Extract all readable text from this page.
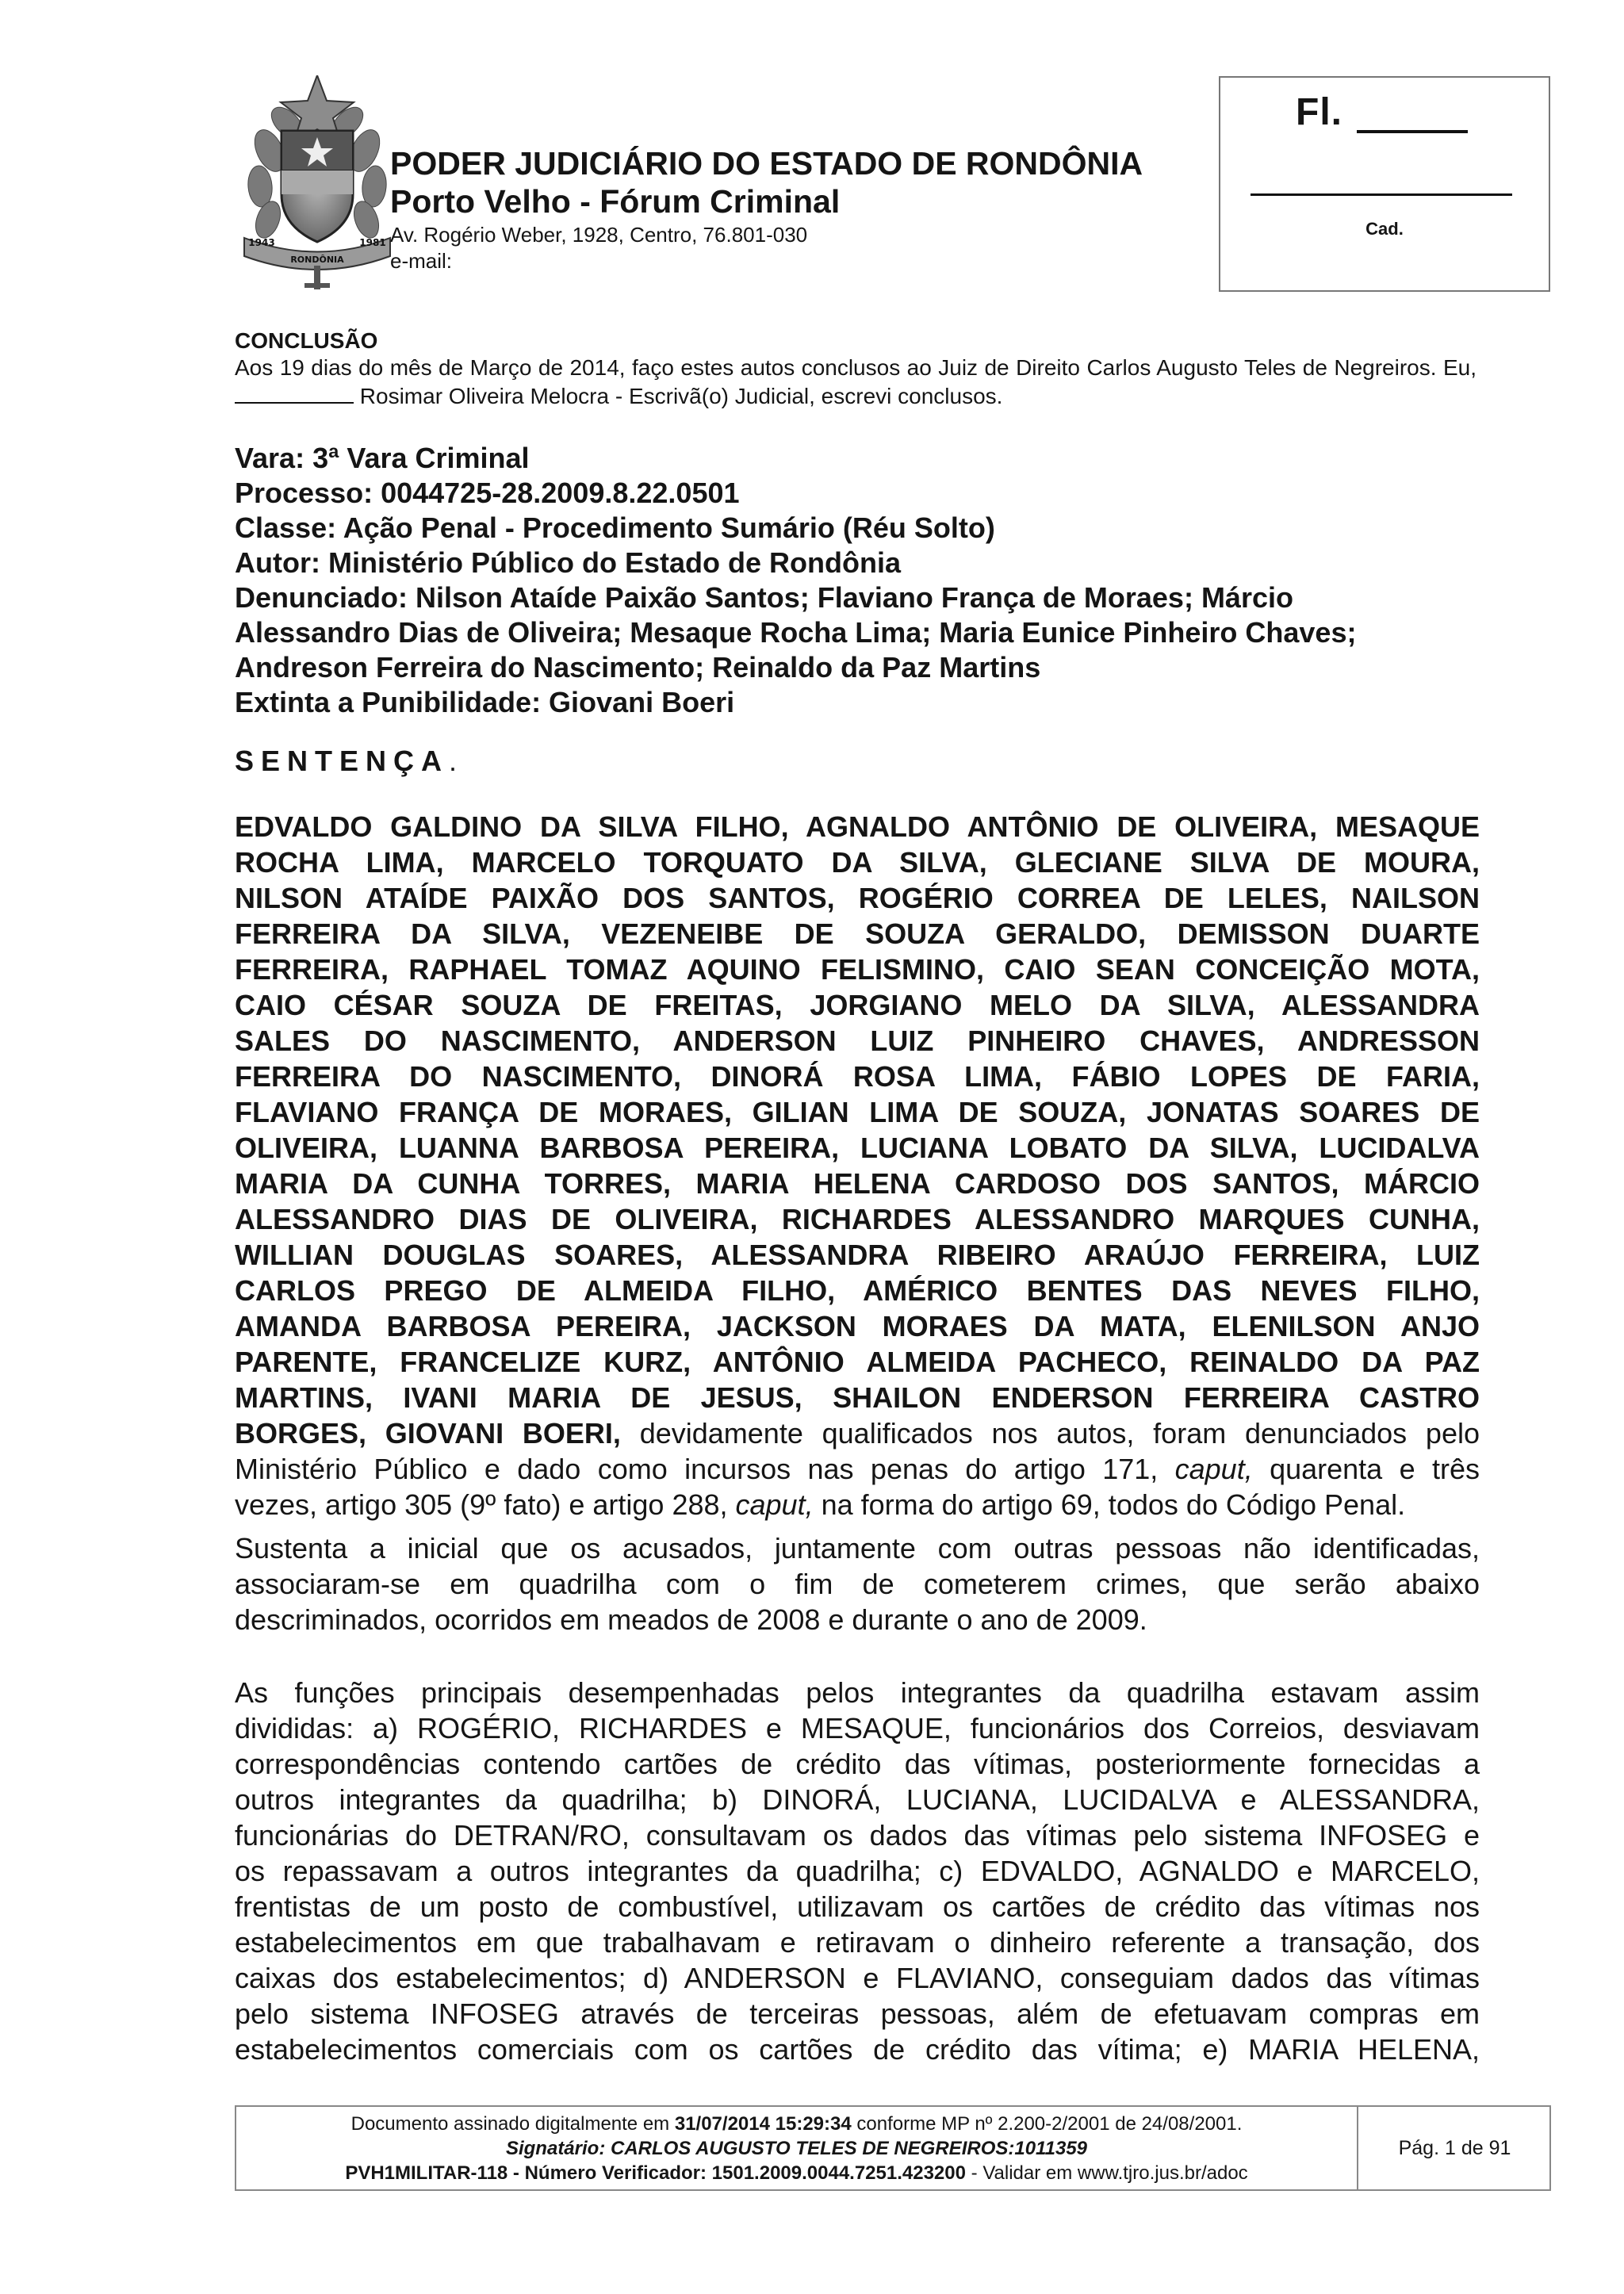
RONDÔNIA
1943	1981
PODER JUDICIÁRIO DO ESTADO DE RONDÔNIA
Porto Velho - Fórum Criminal
Av. Rogério Weber, 1928, Centro, 76.801-030
e-mail:
Fl.
Cad.
CONCLUSÃO
Aos 19 dias do mês de Março de 2014, faço estes autos conclusos ao Juiz de Direito Carlos Augusto Teles de Negreiros. Eu,  Rosimar Oliveira Melocra - Escrivã(o) Judicial, escrevi conclusos.
Vara: 3ª Vara Criminal
Processo: 0044725-28.2009.8.22.0501
Classe: Ação Penal - Procedimento Sumário (Réu Solto)
Autor: Ministério Público do Estado de Rondônia
Denunciado: Nilson Ataíde Paixão Santos; Flaviano França de Moraes; Márcio
Alessandro Dias de Oliveira; Mesaque Rocha Lima; Maria Eunice Pinheiro Chaves;
Andreson Ferreira do Nascimento; Reinaldo da Paz Martins
Extinta a Punibilidade: Giovani Boeri
SENTENÇA.
EDVALDO GALDINO DA SILVA FILHO, AGNALDO ANTÔNIO DE OLIVEIRA, MESAQUE
ROCHA LIMA, MARCELO TORQUATO DA SILVA, GLECIANE SILVA DE MOURA,
NILSON ATAÍDE PAIXÃO DOS SANTOS, ROGÉRIO CORREA DE LELES, NAILSON
FERREIRA DA SILVA, VEZENEIBE DE SOUZA GERALDO, DEMISSON DUARTE
FERREIRA, RAPHAEL TOMAZ AQUINO FELISMINO, CAIO SEAN CONCEIÇÃO MOTA,
CAIO CÉSAR SOUZA DE FREITAS, JORGIANO MELO DA SILVA, ALESSANDRA
SALES DO NASCIMENTO, ANDERSON LUIZ PINHEIRO CHAVES, ANDRESSON
FERREIRA DO NASCIMENTO, DINORÁ ROSA LIMA, FÁBIO LOPES DE FARIA,
FLAVIANO FRANÇA DE MORAES, GILIAN LIMA DE SOUZA, JONATAS SOARES DE
OLIVEIRA, LUANNA BARBOSA PEREIRA, LUCIANA LOBATO DA SILVA, LUCIDALVA
MARIA DA CUNHA TORRES, MARIA HELENA CARDOSO DOS SANTOS, MÁRCIO
ALESSANDRO DIAS DE OLIVEIRA, RICHARDES ALESSANDRO MARQUES CUNHA,
WILLIAN DOUGLAS SOARES, ALESSANDRA RIBEIRO ARAÚJO FERREIRA, LUIZ
CARLOS PREGO DE ALMEIDA FILHO, AMÉRICO BENTES DAS NEVES FILHO,
AMANDA BARBOSA PEREIRA, JACKSON MORAES DA MATA, ELENILSON ANJO
PARENTE, FRANCELIZE KURZ, ANTÔNIO ALMEIDA PACHECO, REINALDO DA PAZ
MARTINS, IVANI MARIA DE JESUS, SHAILON ENDERSON FERREIRA CASTRO
BORGES, GIOVANI BOERI, devidamente qualificados nos autos, foram denunciados pelo
Ministério Público e dado como incursos nas penas do artigo 171, caput, quarenta e três
vezes, artigo 305 (9º fato) e artigo 288, caput, na forma do artigo 69, todos do Código Penal.
Sustenta a inicial que os acusados, juntamente com outras pessoas não identificadas,
associaram-se em quadrilha com o fim de cometerem crimes, que serão abaixo
descriminados, ocorridos em meados de 2008 e durante o ano de 2009.
As funções principais desempenhadas pelos integrantes da quadrilha estavam assim
divididas: a) ROGÉRIO, RICHARDES e MESAQUE, funcionários dos Correios, desviavam
correspondências contendo cartões de crédito das vítimas, posteriormente fornecidas a
outros integrantes da quadrilha; b) DINORÁ, LUCIANA, LUCIDALVA e ALESSANDRA,
funcionárias do DETRAN/RO, consultavam os dados das vítimas pelo sistema INFOSEG e
os repassavam a outros integrantes da quadrilha; c) EDVALDO, AGNALDO e MARCELO,
frentistas de um posto de combustível, utilizavam os cartões de crédito das vítimas nos
estabelecimentos em que trabalhavam e retiravam o dinheiro referente a transação, dos
caixas dos estabelecimentos; d) ANDERSON e FLAVIANO, conseguiam dados das vítimas
pelo sistema INFOSEG através de terceiras pessoas, além de efetuavam compras em
estabelecimentos comerciais com os cartões de crédito das vítima; e) MARIA HELENA,
Documento assinado digitalmente em 31/07/2014 15:29:34 conforme MP nº 2.200-2/2001 de 24/08/2001.
Signatário: CARLOS AUGUSTO TELES DE NEGREIROS:1011359
PVH1MILITAR-118 - Número Verificador: 1501.2009.0044.7251.423200 - Validar em www.tjro.jus.br/adoc
Pág. 1 de 91
